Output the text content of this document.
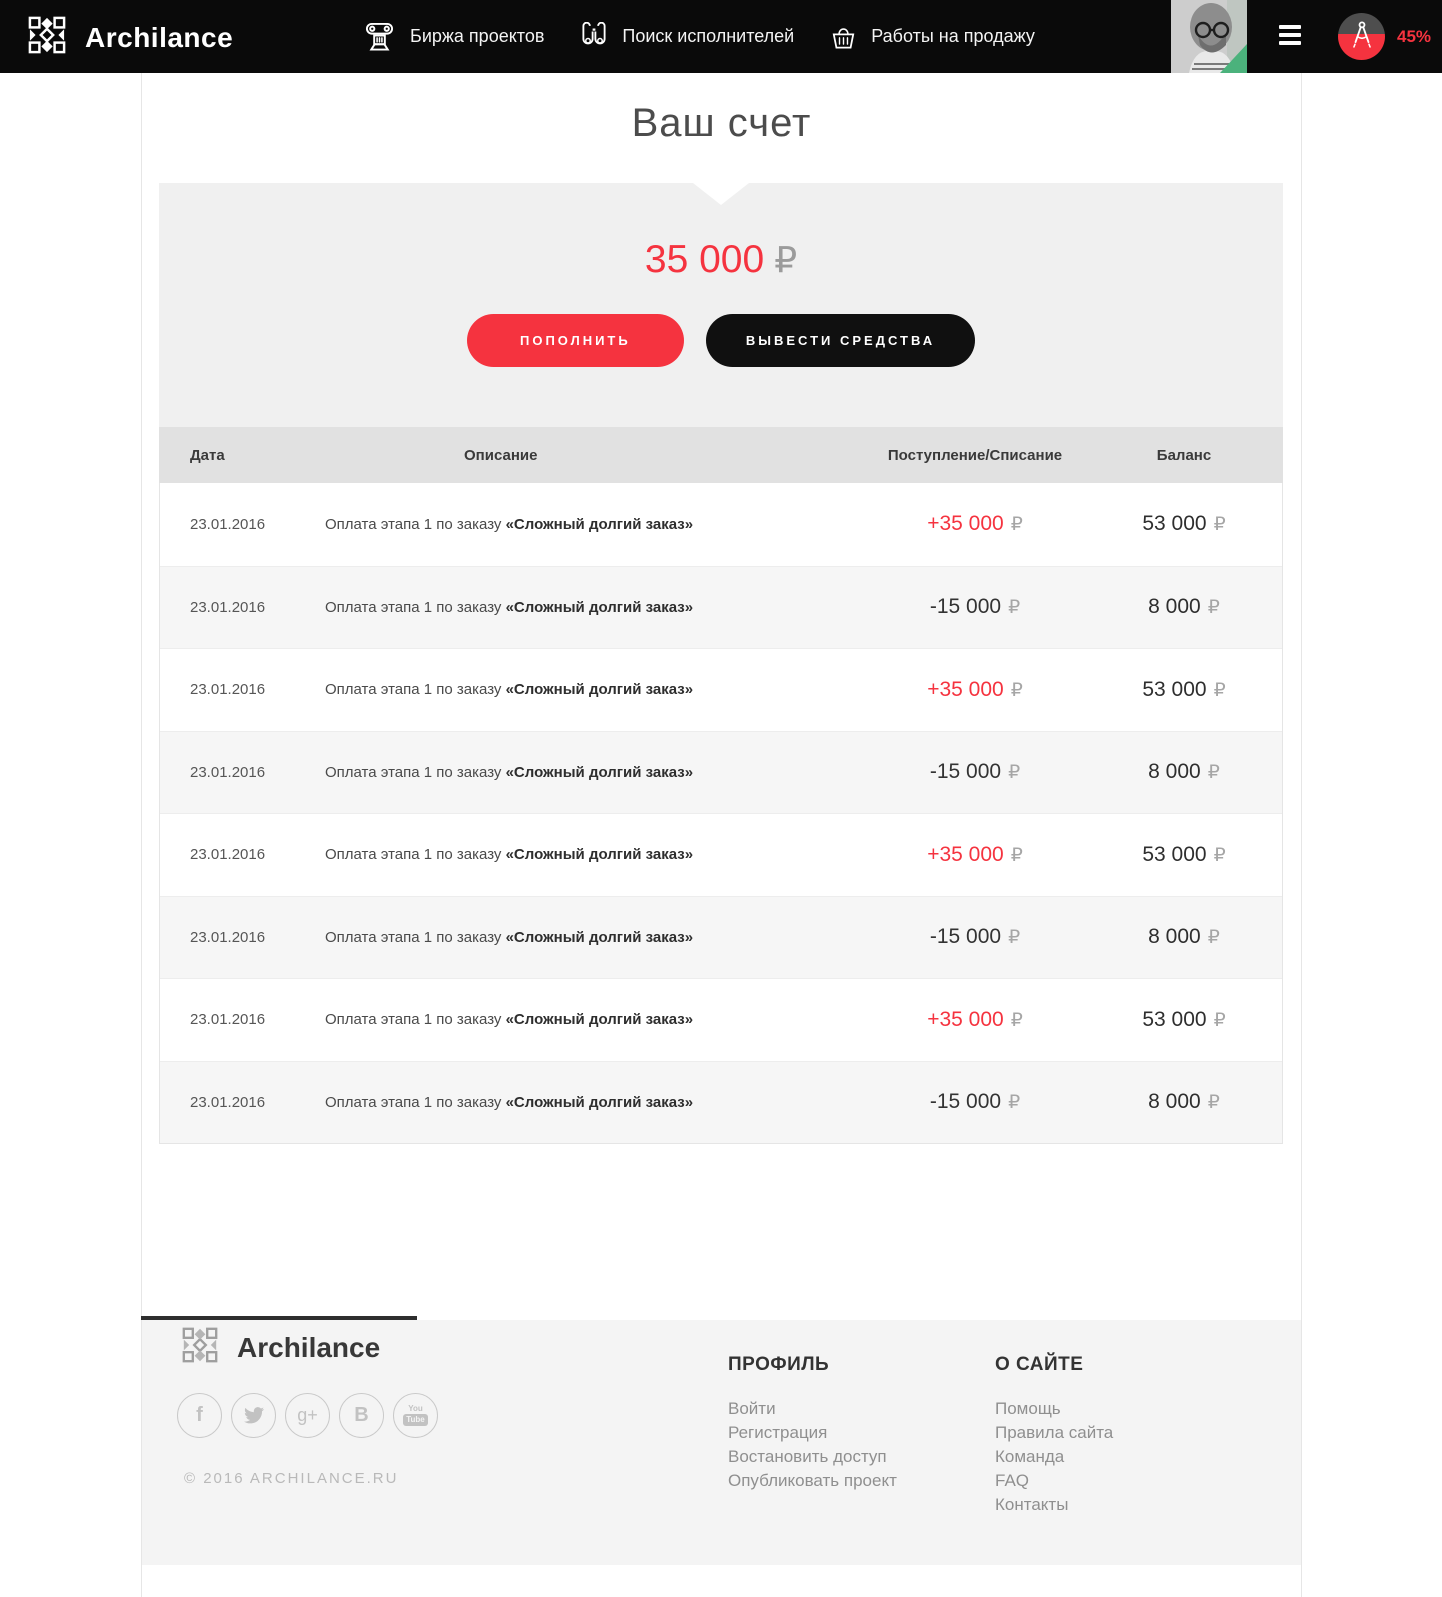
Archilance	Биржа проектов	Поиск исполнителей	Работы на продажу	45%
Ваш счет
35 000 ₽
ПОПОЛНИТЬ	ВЫВЕСТИ СРЕДСТВА
Дата	Описание	Поступление/Списание	Баланс
23.01.2016	Оплата этапа 1 по заказу «Сложный долгий заказ»	+35 000 ₽	53 000 ₽
23.01.2016	Оплата этапа 1 по заказу «Сложный долгий заказ»	-15 000 ₽	8 000 ₽
23.01.2016	Оплата этапа 1 по заказу «Сложный долгий заказ»	+35 000 ₽	53 000 ₽
23.01.2016	Оплата этапа 1 по заказу «Сложный долгий заказ»	-15 000 ₽	8 000 ₽
23.01.2016	Оплата этапа 1 по заказу «Сложный долгий заказ»	+35 000 ₽	53 000 ₽
23.01.2016	Оплата этапа 1 по заказу «Сложный долгий заказ»	-15 000 ₽	8 000 ₽
23.01.2016	Оплата этапа 1 по заказу «Сложный долгий заказ»	+35 000 ₽	53 000 ₽
23.01.2016	Оплата этапа 1 по заказу «Сложный долгий заказ»	-15 000 ₽	8 000 ₽
Archilance
f	g+ B	You
Tube
© 2016 ARCHILANCE.RU
ПРОФИЛЬ
Войти
Регистрация
Востановить доступ
Опубликовать проект
О САЙТЕ
Помощь
Правила сайта
Команда
FAQ
Контакты
